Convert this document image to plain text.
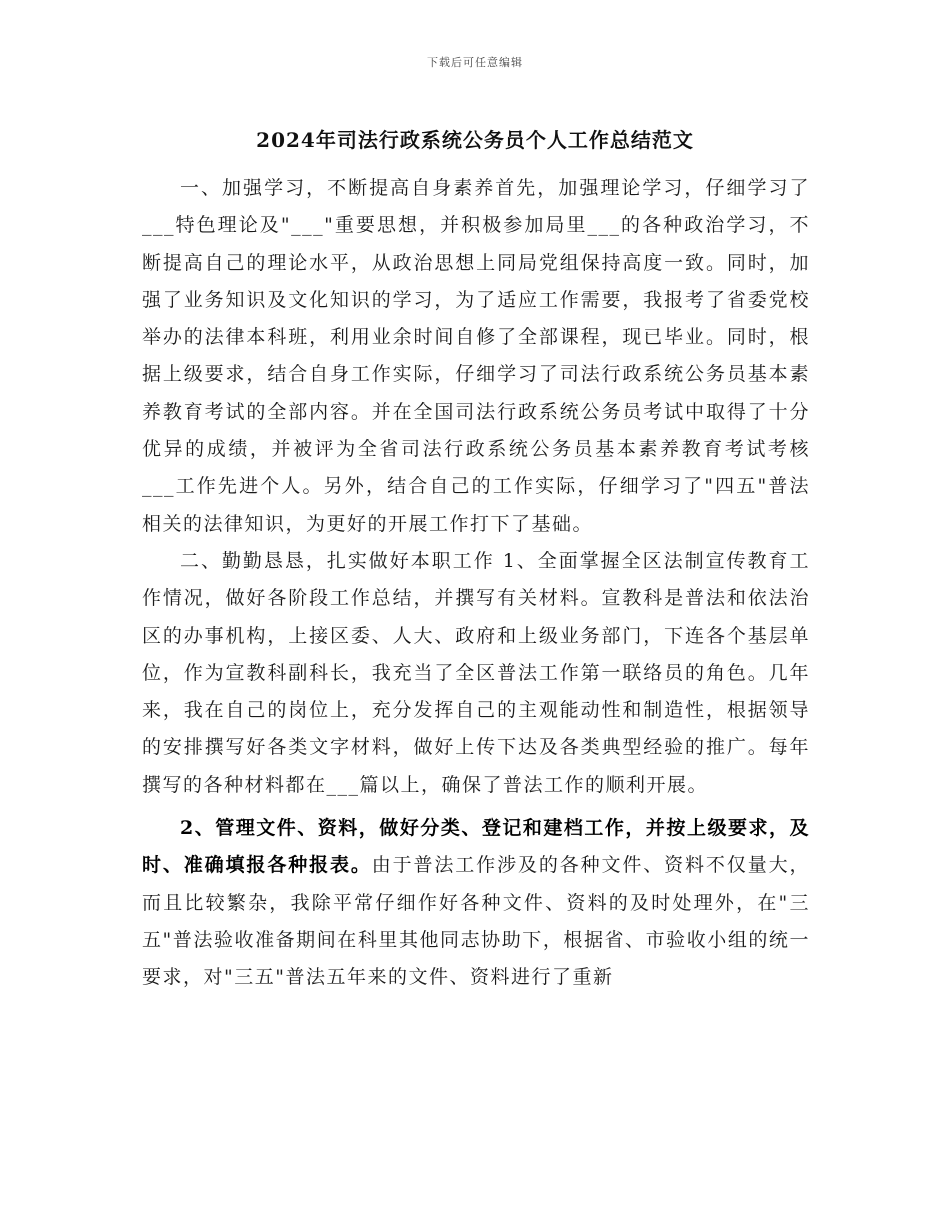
下载后可任意编辑
2024年司法行政系统公务员个人工作总结范文

一、加强学习，不断提高自身素养首先，加强理论学习，仔细学习了___特色理论及"___"重要思想，并积极参加局里___的各种政治学习，不断提高自己的理论水平，从政治思想上同局党组保持高度一致。同时，加强了业务知识及文化知识的学习，为了适应工作需要，我报考了省委党校举办的法律本科班，利用业余时间自修了全部课程，现已毕业。同时，根据上级要求，结合自身工作实际，仔细学习了司法行政系统公务员基本素养教育考试的全部内容。并在全国司法行政系统公务员考试中取得了十分优异的成绩，并被评为全省司法行政系统公务员基本素养教育考试考核___工作先进个人。另外，结合自己的工作实际，仔细学习了"四五"普法相关的法律知识，为更好的开展工作打下了基础。

二、勤勤恳恳，扎实做好本职工作 1、全面掌握全区法制宣传教育工作情况，做好各阶段工作总结，并撰写有关材料。宣教科是普法和依法治区的办事机构，上接区委、人大、政府和上级业务部门，下连各个基层单位，作为宣教科副科长，我充当了全区普法工作第一联络员的角色。几年来，我在自己的岗位上，充分发挥自己的主观能动性和制造性，根据领导的安排撰写好各类文字材料，做好上传下达及各类典型经验的推广。每年撰写的各种材料都在___篇以上，确保了普法工作的顺利开展。

2、管理文件、资料，做好分类、登记和建档工作，并按上级要求，及时、准确填报各种报表。由于普法工作涉及的各种文件、资料不仅量大，而且比较繁杂，我除平常仔细作好各种文件、资料的及时处理外，在"三五"普法验收准备期间在科里其他同志协助下，根据省、市验收小组的统一要求，对"三五"普法五年来的文件、资料进行了重新
